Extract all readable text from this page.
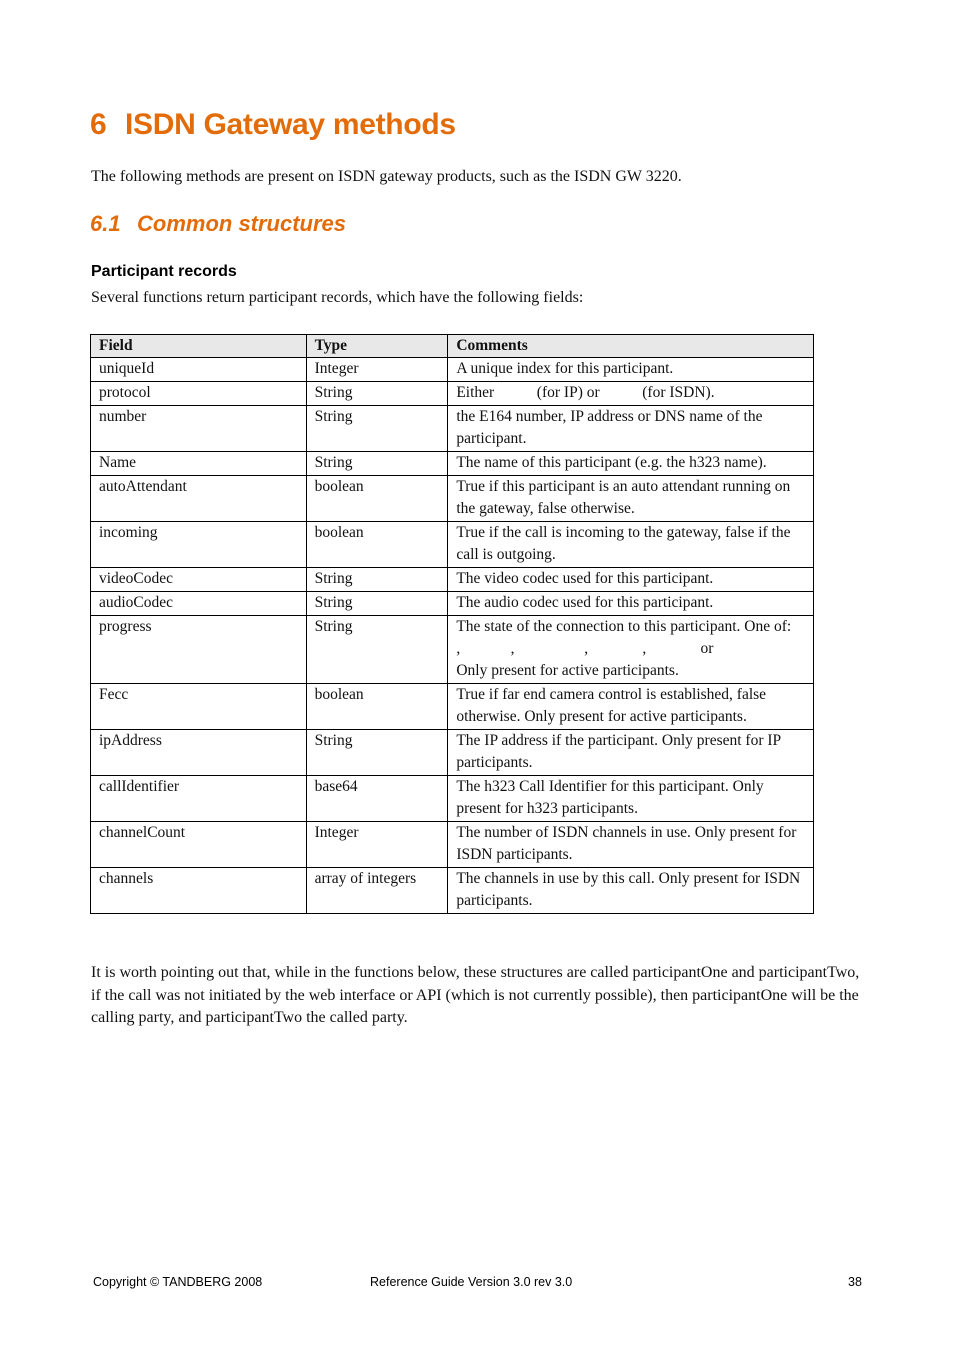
6 ISDN Gateway methods

The following methods are present on ISDN gateway products, such as the ISDN GW 3220.

6.1 Common structures
Participant records

Several functions return participant records, which have the following fields:

Field	Type	Comments
uniqueId	Integer	A unique index for this participant.
protocol	String	Either           (for IP) or           (for ISDN).
number	String	the E164 number, IP address or DNS name of the participant.
Name	String	The name of this participant (e.g. the h323 name).
autoAttendant	boolean	True if this participant is an auto attendant running on the gateway, false otherwise.
incoming	boolean	True if the call is incoming to the gateway, false if the call is outgoing.
videoCodec	String	The video codec used for this participant.
audioCodec	String	The audio codec used for this participant.
progress	String	The state of the connection to this participant. One of:          ,             ,                  ,              ,              or                    Only present for active participants.
Fecc	boolean	True if far end camera control is established, false otherwise. Only present for active participants.
ipAddress	String	The IP address if the participant. Only present for IP participants.
callIdentifier	base64	The h323 Call Identifier for this participant. Only present for h323 participants.
channelCount	Integer	The number of ISDN channels in use. Only present for ISDN participants.
channels	array of integers	The channels in use by this call. Only present for ISDN participants.

It is worth pointing out that, while in the functions below, these structures are called participantOne and participantTwo, if the call was not initiated by the web interface or API (which is not currently possible), then participantOne will be the calling party, and participantTwo the called party.

Copyright © TANDBERG 2008	Reference Guide Version 3.0 rev 3.0	38
